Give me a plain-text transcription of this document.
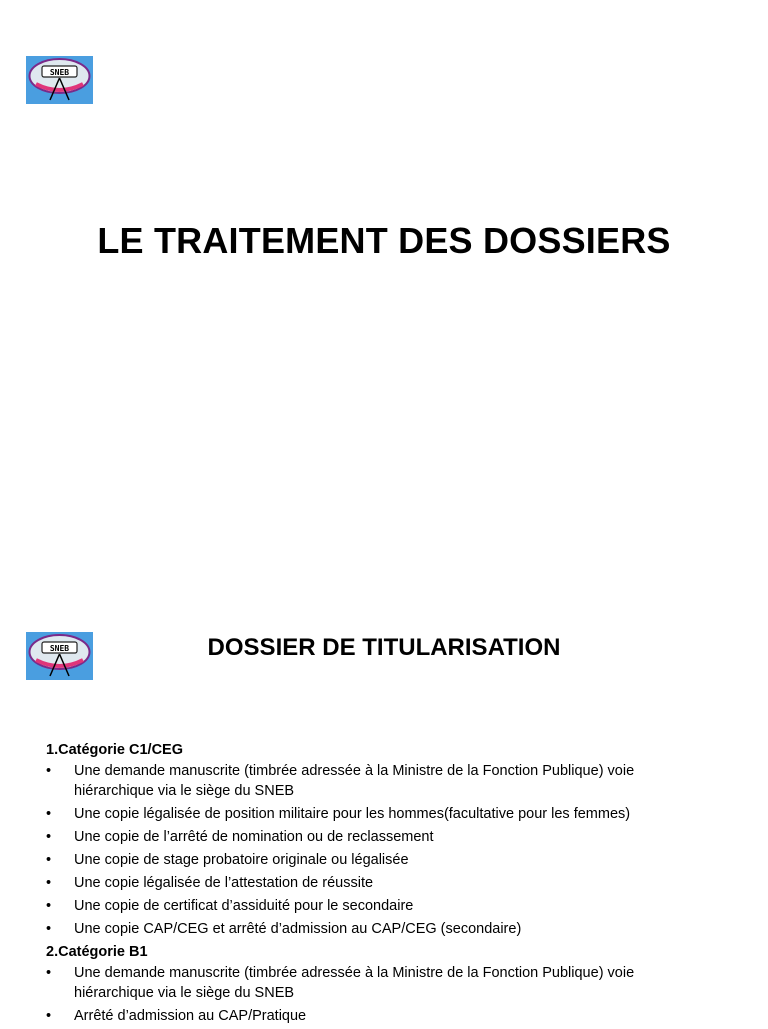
SNEB
LE TRAITEMENT DES DOSSIERS
SNEB	DOSSIER DE TITULARISATION
1.Catégorie C1/CEG
• Une demande manuscrite (timbrée adressée à la Ministre de la Fonction Publique) voie hiérarchique via le siège du SNEB
• Une copie légalisée de position militaire pour les hommes(facultative pour les femmes)
• Une copie de l’arrêté de nomination ou de reclassement
• Une copie de stage probatoire originale ou légalisée
• Une copie légalisée de l’attestation de réussite
• Une copie de certificat d’assiduité pour le secondaire
• Une copie CAP/CEG et arrêté d’admission au CAP/CEG (secondaire)
2.Catégorie B1
• Une demande manuscrite (timbrée adressée à la Ministre de la Fonction Publique) voie hiérarchique via le siège du SNEB
• Arrêté d’admission au CAP/Pratique
